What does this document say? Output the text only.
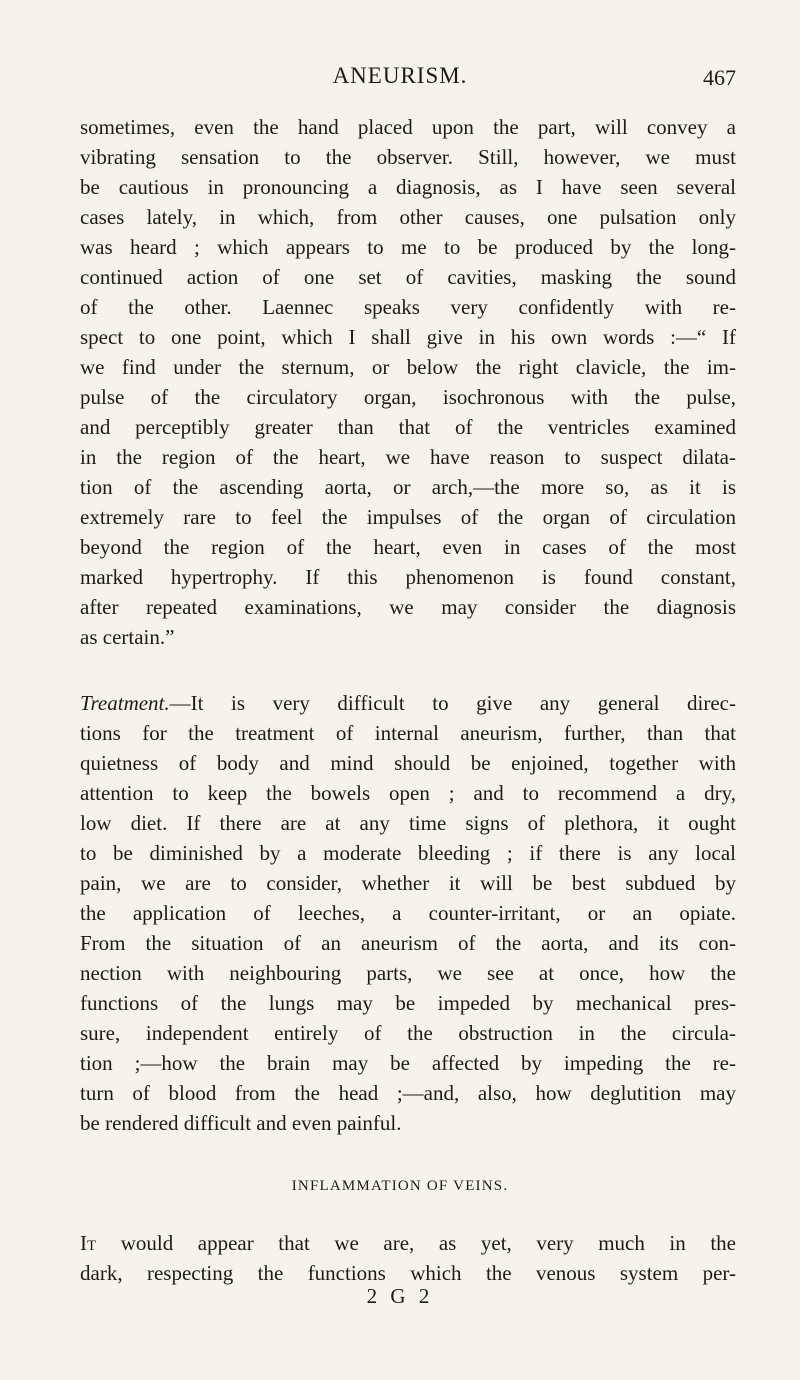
ANEURISM.	467
sometimes, even the hand placed upon the part, will convey a
vibrating sensation to the observer. Still, however, we must
be cautious in pronouncing a diagnosis, as I have seen several
cases lately, in which, from other causes, one pulsation only
was heard ; which appears to me to be produced by the long-
continued action of one set of cavities, masking the sound
of the other. Laennec speaks very confidently with re-
spect to one point, which I shall give in his own words :—“ If
we find under the sternum, or below the right clavicle, the im-
pulse of the circulatory organ, isochronous with the pulse,
and perceptibly greater than that of the ventricles examined
in the region of the heart, we have reason to suspect dilata-
tion of the ascending aorta, or arch,—the more so, as it is
extremely rare to feel the impulses of the organ of circulation
beyond the region of the heart, even in cases of the most
marked hypertrophy. If this phenomenon is found constant,
after repeated examinations, we may consider the diagnosis
as certain.”
Treatment.—It is very difficult to give any general direc-
tions for the treatment of internal aneurism, further, than that
quietness of body and mind should be enjoined, together with
attention to keep the bowels open ; and to recommend a dry,
low diet. If there are at any time signs of plethora, it ought
to be diminished by a moderate bleeding ; if there is any local
pain, we are to consider, whether it will be best subdued by
the application of leeches, a counter-irritant, or an opiate.
From the situation of an aneurism of the aorta, and its con-
nection with neighbouring parts, we see at once, how the
functions of the lungs may be impeded by mechanical pres-
sure, independent entirely of the obstruction in the circula-
tion ;—how the brain may be affected by impeding the re-
turn of blood from the head ;—and, also, how deglutition may
be rendered difficult and even painful.
INFLAMMATION OF VEINS.
It would appear that we are, as yet, very much in the
dark, respecting the functions which the venous system per-
2 G 2
